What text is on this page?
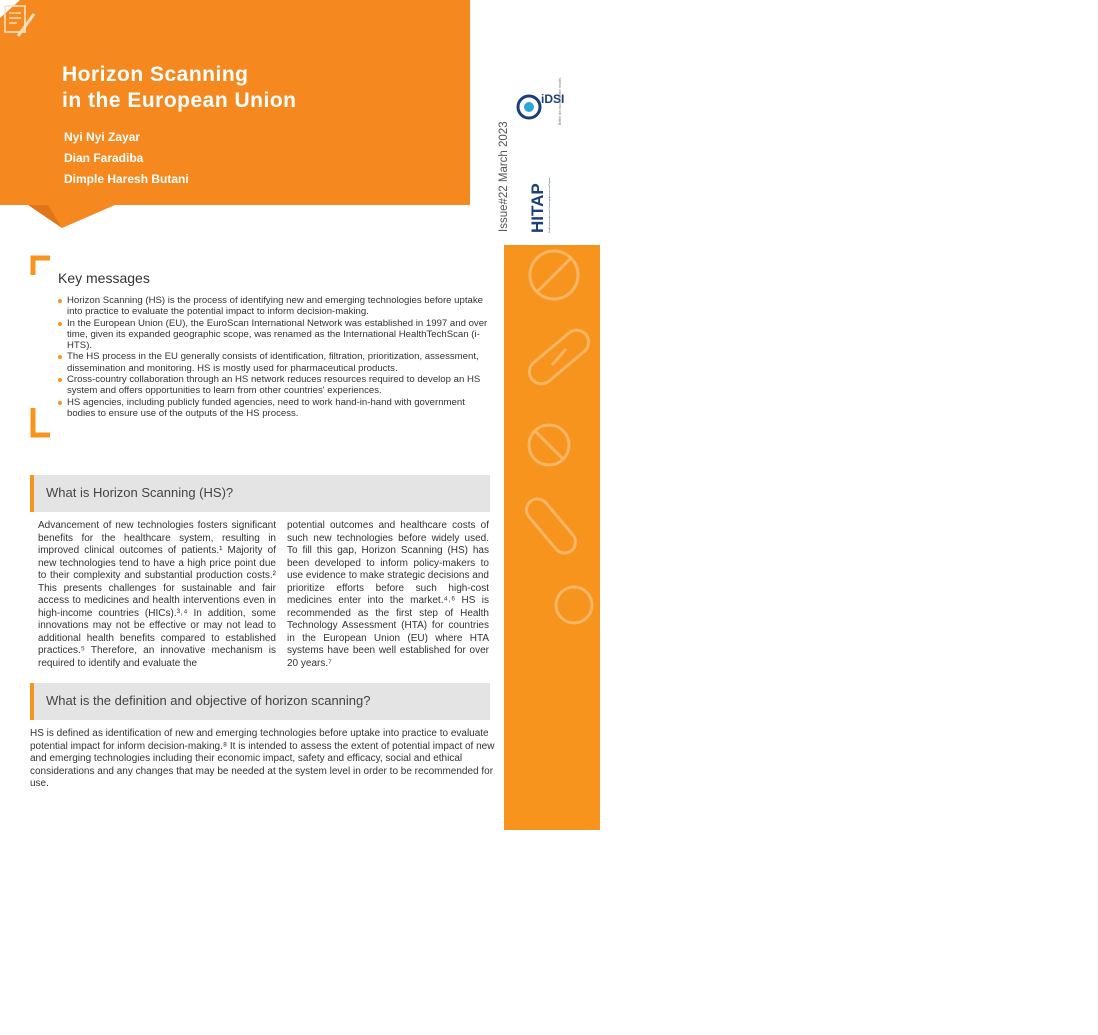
Horizon Scanning
in the European Union
Nyi Nyi Zayar
Dian Faradiba
Dimple Haresh Butani	Issue#22 March 2023
iDSI
Better decisions. Better health.
HITAP Health Intervention and Technology Assessment Program
policy brief
Key messages
Horizon Scanning (HS) is the process of identifying new and emerging technologies before uptake into practice to evaluate the potential impact to inform decision-making.
In the European Union (EU), the EuroScan International Network was established in 1997 and over time, given its expanded geographic scope, was renamed as the International HealthTechScan (i-HTS).
The HS process in the EU generally consists of identification, filtration, prioritization, assessment, dissemination and monitoring. HS is mostly used for pharmaceutical products.
Cross-country collaboration through an HS network reduces resources required to develop an HS system and offers opportunities to learn from other countries' experiences.
HS agencies, including publicly funded agencies, need to work hand-in-hand with government bodies to ensure use of the outputs of the HS process.
What is Horizon Scanning (HS)?

Advancement of new technologies fosters significant benefits for the healthcare system, resulting in improved clinical outcomes of patients.¹ Majority of new technologies tend to have a high price point due to their complexity and substantial production costs.² This presents challenges for sustainable and fair access to medicines and health interventions even in high-income countries (HICs).³˒⁴ In addition, some innovations may not be effective or may not lead to additional health benefits compared to established practices.⁵ Therefore, an innovative mechanism is required to identify and evaluate the

potential outcomes and healthcare costs of such new technologies before widely used. To fill this gap, Horizon Scanning (HS) has been developed to inform policy-makers to use evidence to make strategic decisions and prioritize efforts before such high-cost medicines enter into the market.⁴˒⁶ HS is recommended as the first step of Health Technology Assessment (HTA) for countries in the European Union (EU) where HTA systems have been well established for over 20 years.⁷

What is the definition and objective of horizon scanning?

HS is defined as identification of new and emerging technologies before uptake into practice to evaluate potential impact for inform decision-making.⁸ It is intended to assess the extent of potential impact of new and emerging technologies including their economic impact, safety and efficacy, social and ethical considerations and any changes that may be needed at the system level in order to be recommended for use.
